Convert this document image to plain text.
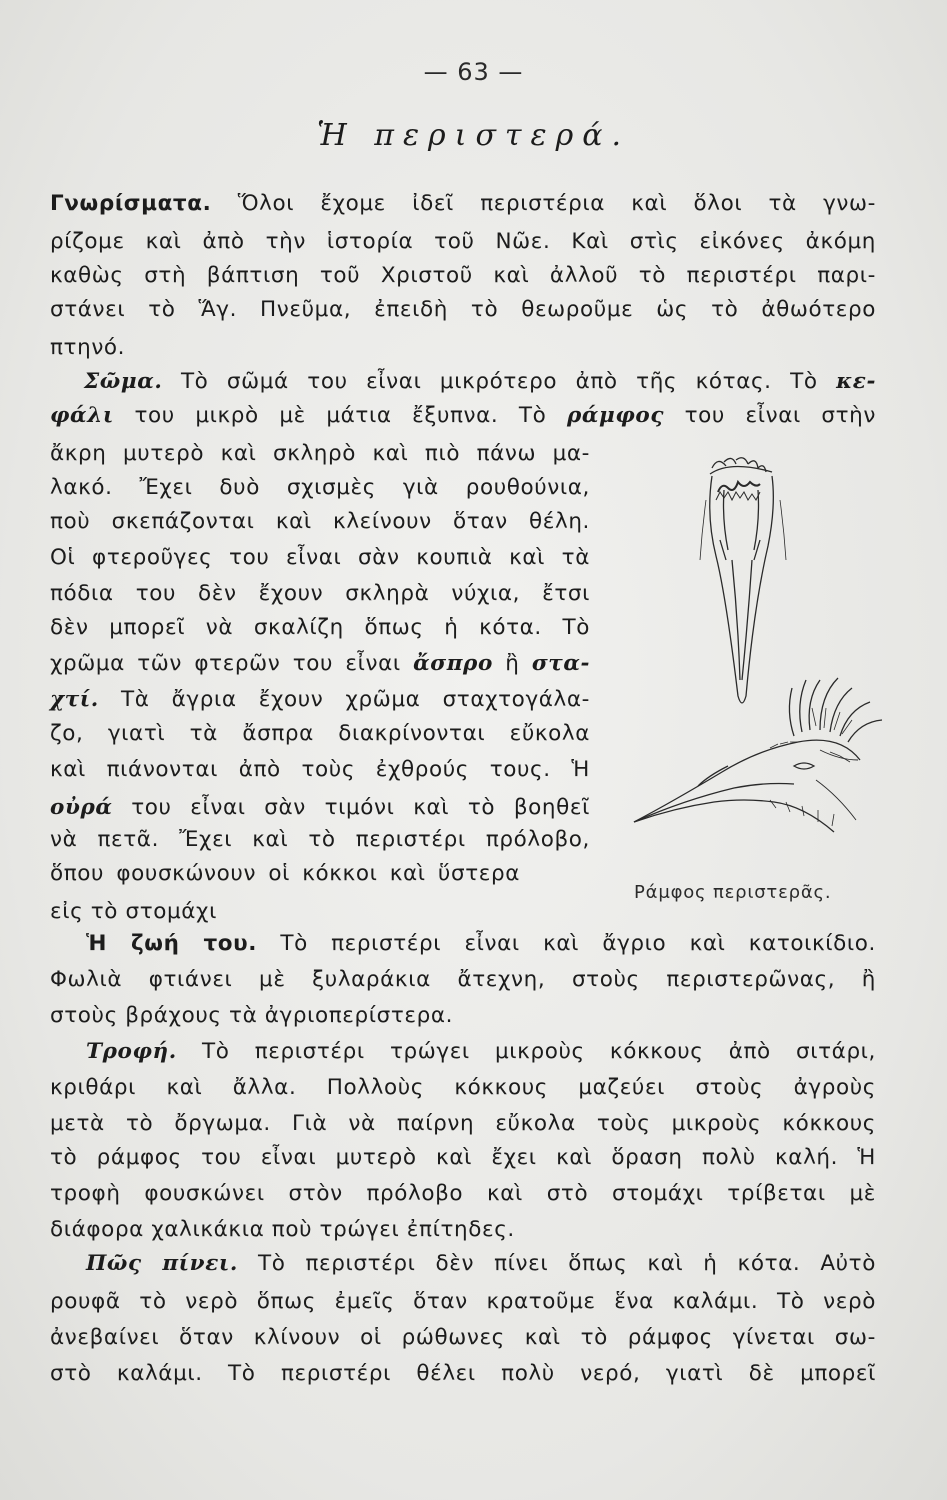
— 63 —
Ἡ περιστερά.
Γνωρίσματα. Ὅλοι ἔχομε ἰδεῖ περιστέρια καὶ ὅλοι τὰ γνω-
ρίζομε καὶ ἀπὸ τὴν ἱστορία τοῦ Νῶε. Καὶ στὶς εἰκόνες ἀκόμη
καθὼς στὴ βάπτιση τοῦ Χριστοῦ καὶ ἀλλοῦ τὸ περιστέρι παρι-
στάνει τὸ Ἅγ. Πνεῦμα, ἐπειδὴ τὸ θεωροῦμε ὡς τὸ ἀθωότερο
πτηνό.
Σῶμα. Τὸ σῶμά του εἶναι μικρότερο ἀπὸ τῆς κότας. Τὸ κε-
φάλι του μικρὸ μὲ μάτια ἔξυπνα. Τὸ ράμφος του εἶναι στὴν
ἄκρη μυτερὸ καὶ σκληρὸ καὶ πιὸ πάνω μα-
λακό. Ἔχει δυὸ σχισμὲς γιὰ ρουθούνια,
ποὺ σκεπάζονται καὶ κλείνουν ὅταν θέλη.
Οἱ φτεροῦγες του εἶναι σὰν κουπιὰ καὶ τὰ
πόδια του δὲν ἔχουν σκληρὰ νύχια, ἔτσι
δὲν μπορεῖ νὰ σκαλίζη ὅπως ἡ κότα. Τὸ
χρῶμα τῶν φτερῶν του εἶναι ἄσπρο ἢ στα-
χτί. Τὰ ἄγρια ἔχουν χρῶμα σταχτογάλα-
ζο, γιατὶ τὰ ἄσπρα διακρίνονται εὔκολα
καὶ πιάνονται ἀπὸ τοὺς ἐχθρούς τους. Ἡ
οὐρά του εἶναι σὰν τιμόνι καὶ τὸ βοηθεῖ
νὰ πετᾶ. Ἔχει καὶ τὸ περιστέρι πρόλοβο,
ὅπου φουσκώνουν οἱ κόκκοι καὶ ὕστερα
εἰς τὸ στομάχι
Ράμφος περιστερᾶς.
Ἡ ζωή του. Τὸ περιστέρι εἶναι καὶ ἄγριο καὶ κατοικίδιο.
Φωλιὰ φτιάνει μὲ ξυλαράκια ἄτεχνη, στοὺς περιστερῶνας, ἢ
στοὺς βράχους τὰ ἀγριοπερίστερα.
Τροφή. Τὸ περιστέρι τρώγει μικροὺς κόκκους ἀπὸ σιτάρι,
κριθάρι καὶ ἄλλα. Πολλοὺς κόκκους μαζεύει στοὺς ἀγροὺς
μετὰ τὸ ὄργωμα. Γιὰ νὰ παίρνη εὔκολα τοὺς μικροὺς κόκκους
τὸ ράμφος του εἶναι μυτερὸ καὶ ἔχει καὶ ὅραση πολὺ καλή. Ἡ
τροφὴ φουσκώνει στὸν πρόλοβο καὶ στὸ στομάχι τρίβεται μὲ
διάφορα χαλικάκια ποὺ τρώγει ἐπίτηδες.
Πῶς πίνει. Τὸ περιστέρι δὲν πίνει ὅπως καὶ ἡ κότα. Αὐτὸ
ρουφᾶ τὸ νερὸ ὅπως ἐμεῖς ὅταν κρατοῦμε ἕνα καλάμι. Τὸ νερὸ
ἀνεβαίνει ὅταν κλίνουν οἱ ρώθωνες καὶ τὸ ράμφος γίνεται σω-
στὸ καλάμι. Τὸ περιστέρι θέλει πολὺ νερό, γιατὶ δὲ μπορεῖ
